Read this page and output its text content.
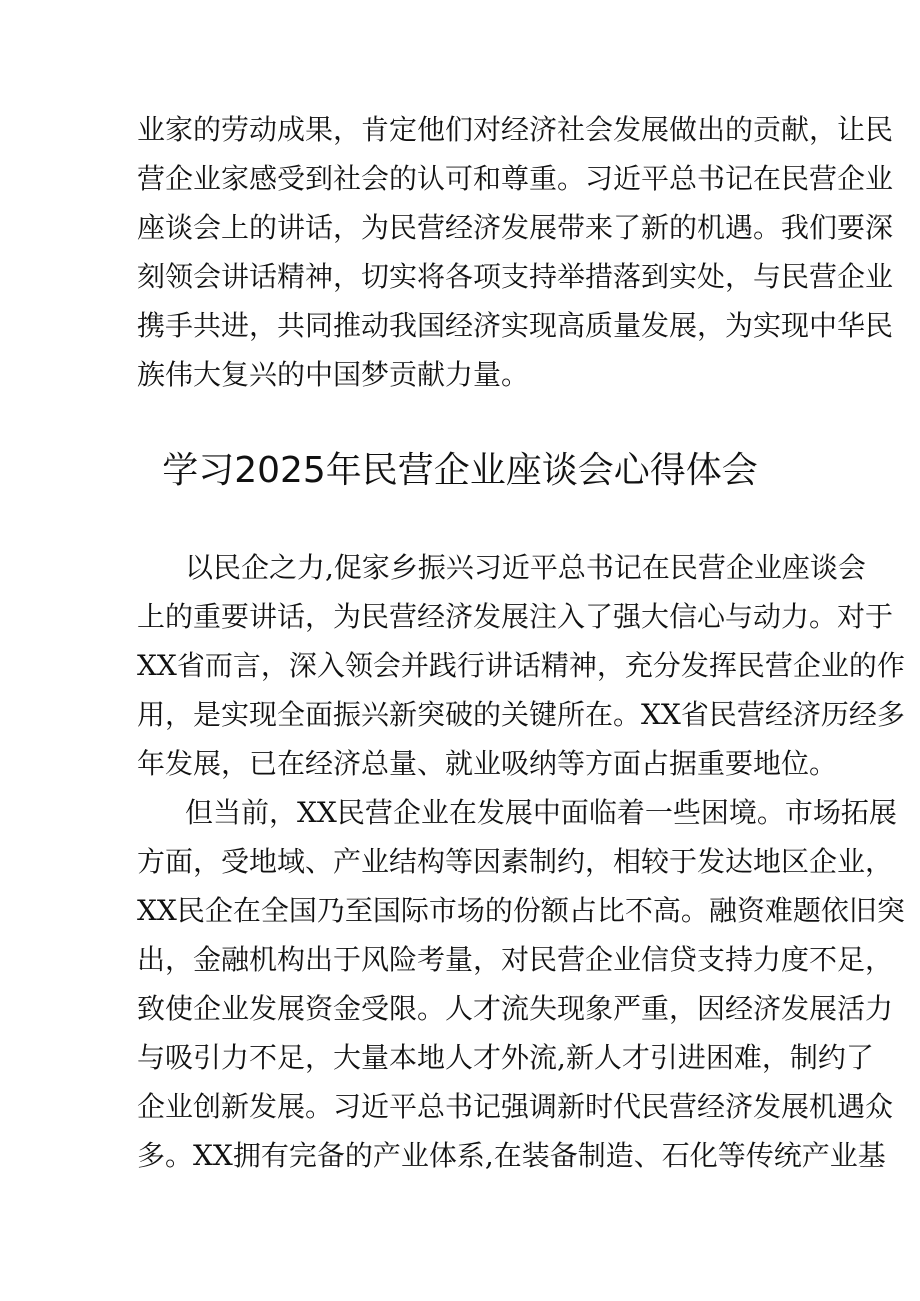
业家的劳动成果，肯定他们对经济社会发展做出的贡献，让民
营企业家感受到社会的认可和尊重。习近平总书记在民营企业
座谈会上的讲话，为民营经济发展带来了新的机遇。我们要深
刻领会讲话精神，切实将各项支持举措落到实处，与民营企业
携手共进，共同推动我国经济实现高质量发展，为实现中华民
族伟大复兴的中国梦贡献力量。
学习2025年民营企业座谈会心得体会
以民企之力,促家乡振兴习近平总书记在民营企业座谈会
上的重要讲话，为民营经济发展注入了强大信心与动力。对于
XX省而言，深入领会并践行讲话精神，充分发挥民营企业的作
用，是实现全面振兴新突破的关键所在。XX省民营经济历经多
年发展，已在经济总量、就业吸纳等方面占据重要地位。
但当前，XX民营企业在发展中面临着一些困境。市场拓展
方面，受地域、产业结构等因素制约，相较于发达地区企业，
XX民企在全国乃至国际市场的份额占比不高。融资难题依旧突
出，金融机构出于风险考量，对民营企业信贷支持力度不足，
致使企业发展资金受限。人才流失现象严重，因经济发展活力
与吸引力不足，大量本地人才外流,新人才引进困难，制约了
企业创新发展。习近平总书记强调新时代民营经济发展机遇众
多。XX拥有完备的产业体系,在装备制造、石化等传统产业基
